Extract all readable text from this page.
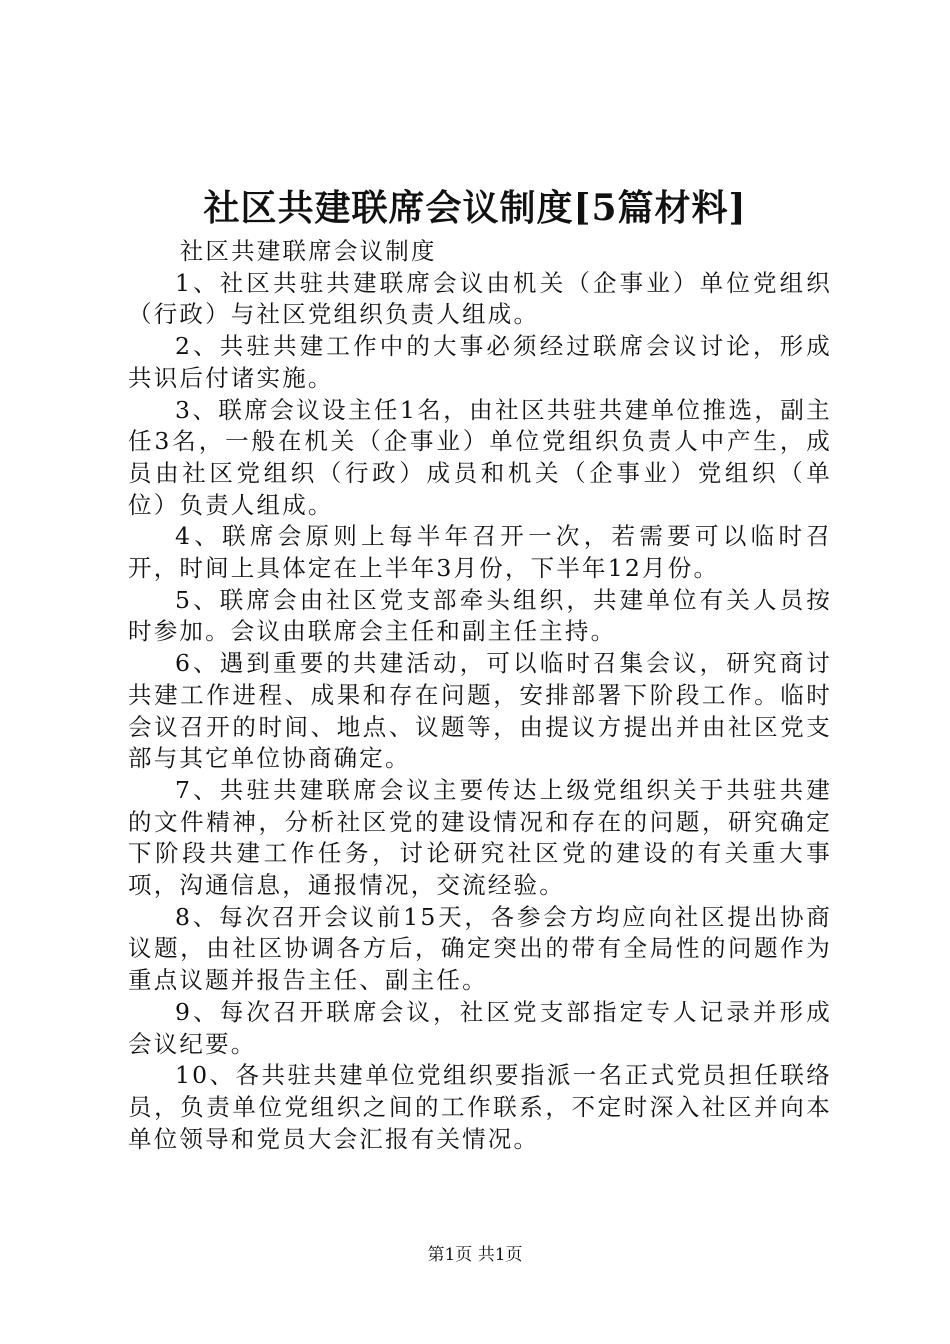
社区共建联席会议制度[5篇材料]

社区共建联席会议制度

1、社区共驻共建联席会议由机关（企事业）单位党组织（行政）与社区党组织负责人组成。

2、共驻共建工作中的大事必须经过联席会议讨论，形成共识后付诸实施。

3、联席会议设主任1名，由社区共驻共建单位推选，副主任3名，一般在机关（企事业）单位党组织负责人中产生，成员由社区党组织（行政）成员和机关（企事业）党组织（单位）负责人组成。

4、联席会原则上每半年召开一次，若需要可以临时召开，时间上具体定在上半年3月份，下半年12月份。

5、联席会由社区党支部牵头组织，共建单位有关人员按时参加。会议由联席会主任和副主任主持。

6、遇到重要的共建活动，可以临时召集会议，研究商讨共建工作进程、成果和存在问题，安排部署下阶段工作。临时会议召开的时间、地点、议题等，由提议方提出并由社区党支部与其它单位协商确定。

7、共驻共建联席会议主要传达上级党组织关于共驻共建的文件精神，分析社区党的建设情况和存在的问题，研究确定下阶段共建工作任务，讨论研究社区党的建设的有关重大事项，沟通信息，通报情况，交流经验。

8、每次召开会议前15天，各参会方均应向社区提出协商议题，由社区协调各方后，确定突出的带有全局性的问题作为重点议题并报告主任、副主任。

9、每次召开联席会议，社区党支部指定专人记录并形成会议纪要。

10、各共驻共建单位党组织要指派一名正式党员担任联络员，负责单位党组织之间的工作联系，不定时深入社区并向本单位领导和党员大会汇报有关情况。

第1页 共1页
